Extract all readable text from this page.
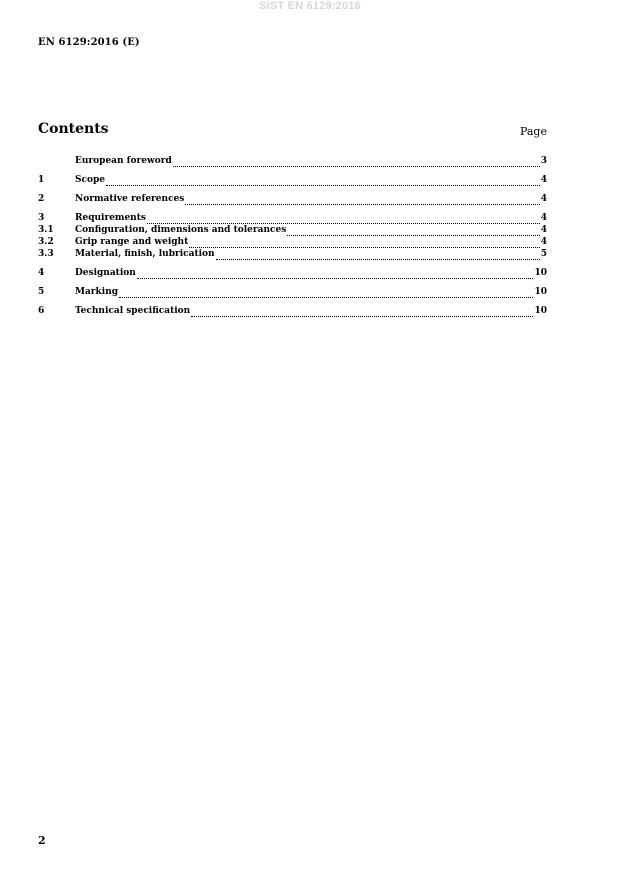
SIST EN 6129:2016
EN 6129:2016 (E)
Contents	Page
European foreword	3
1	Scope	4
2	Normative references	4
3	Requirements	4
3.1	Configuration, dimensions and tolerances	4
3.2	Grip range and weight	4
3.3	Material, finish, lubrication	5
4	Designation	10
5	Marking	10
6	Technical specification	10
2
